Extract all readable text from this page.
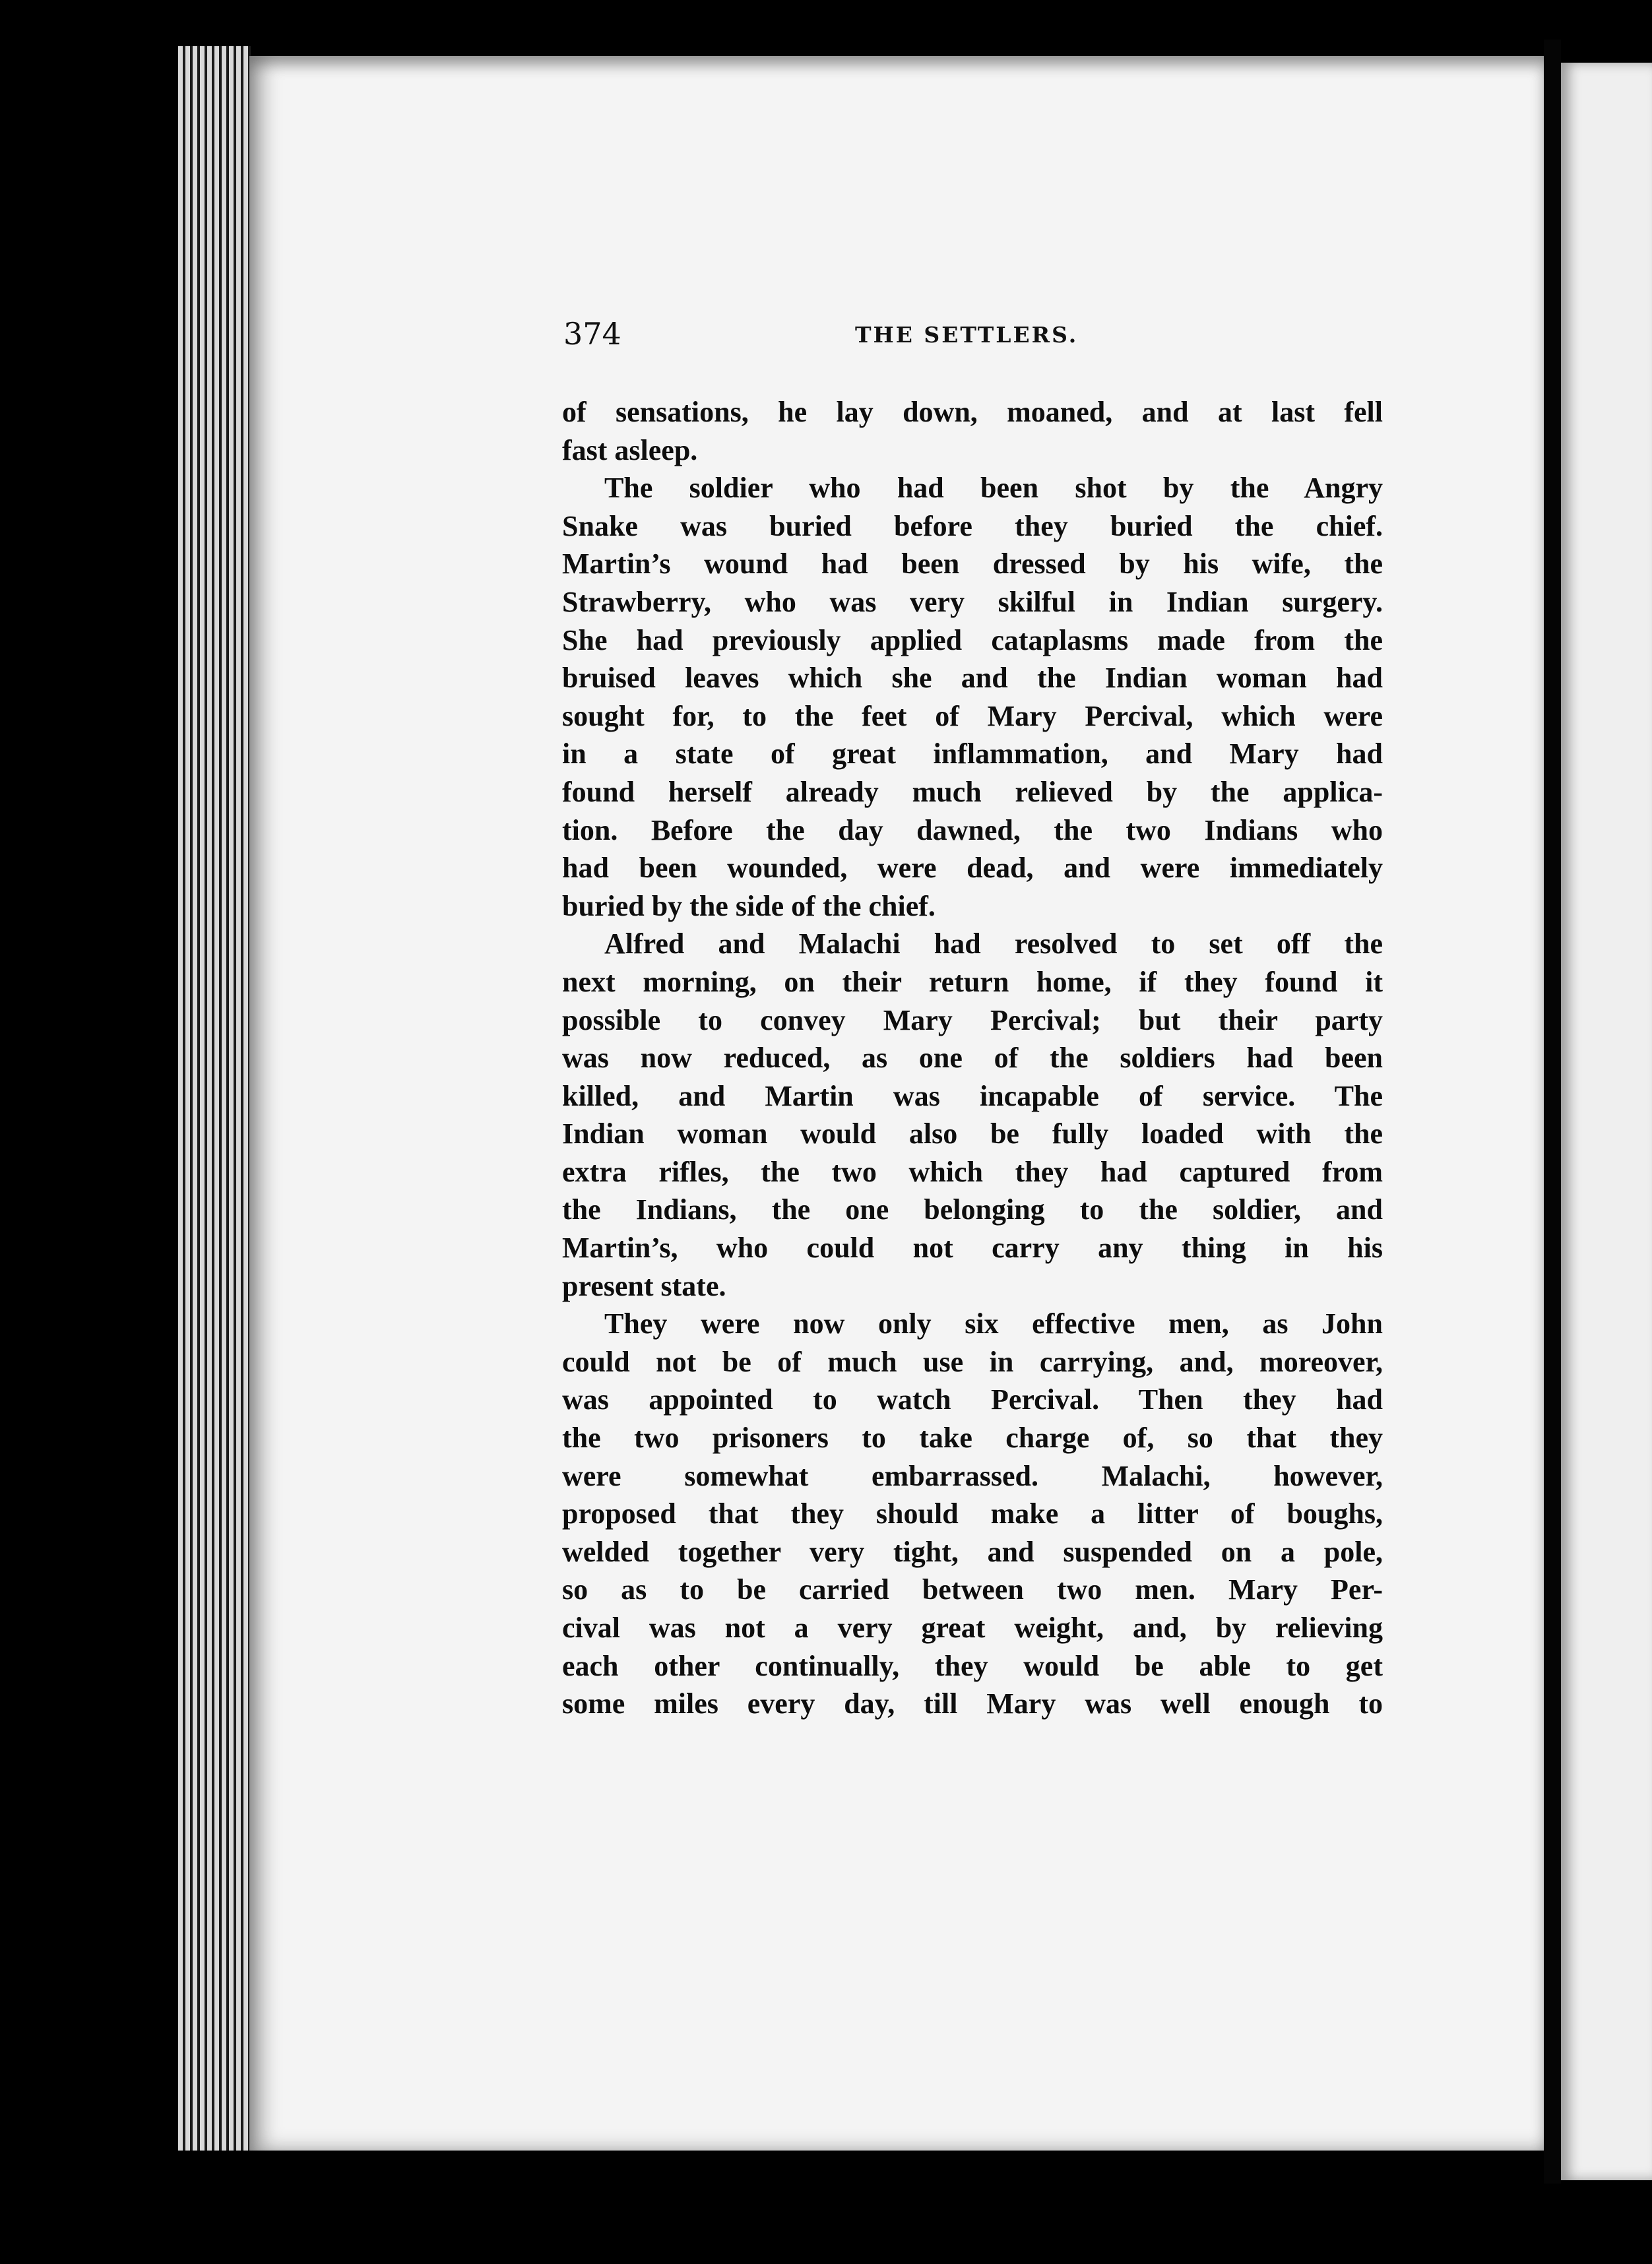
374	THE SETTLERS.
of sensations, he lay down, moaned, and at last fell
fast asleep.
The soldier who had been shot by the Angry
Snake was buried before they buried the chief.
Martin’s wound had been dressed by his wife, the
Strawberry, who was very skilful in Indian surgery.
She had previously applied cataplasms made from the
bruised leaves which she and the Indian woman had
sought for, to the feet of Mary Percival, which were
in a state of great inflammation, and Mary had
found herself already much relieved by the applica-
tion. Before the day dawned, the two Indians who
had been wounded, were dead, and were immediately
buried by the side of the chief.
Alfred and Malachi had resolved to set off the
next morning, on their return home, if they found it
possible to convey Mary Percival; but their party
was now reduced, as one of the soldiers had been
killed, and Martin was incapable of service. The
Indian woman would also be fully loaded with the
extra rifles, the two which they had captured from
the Indians, the one belonging to the soldier, and
Martin’s, who could not carry any thing in his
present state.
They were now only six effective men, as John
could not be of much use in carrying, and, moreover,
was appointed to watch Percival. Then they had
the two prisoners to take charge of, so that they
were somewhat embarrassed. Malachi, however,
proposed that they should make a litter of boughs,
welded together very tight, and suspended on a pole,
so as to be carried between two men. Mary Per-
cival was not a very great weight, and, by relieving
each other continually, they would be able to get
some miles every day, till Mary was well enough to
